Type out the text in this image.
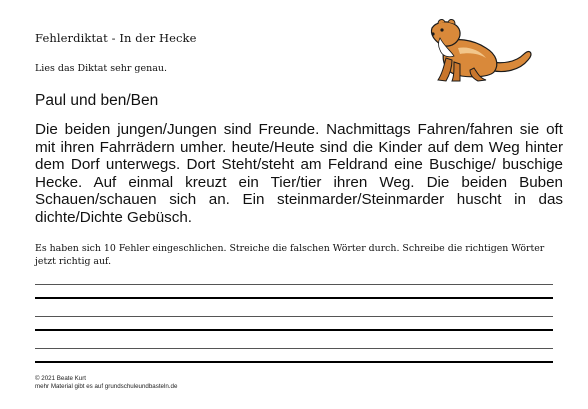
Fehlerdiktat - In der Hecke
Lies das Diktat sehr genau.
Paul und ben/Ben
Die beiden jungen/Jungen sind Freunde. Nachmittags Fahren/fahren sie oft mit ihren Fahrrädern umher. heute/Heute sind die Kinder auf dem Weg hinter dem Dorf unterwegs. Dort Steht/steht am Feldrand eine Buschige/ buschige Hecke. Auf einmal kreuzt ein Tier/tier ihren Weg. Die beiden Buben Schauen/schauen sich an. Ein steinmarder/Steinmarder huscht in das dichte/Dichte Gebüsch.
Es haben sich 10 Fehler eingeschlichen. Streiche die falschen Wörter durch. Schreibe die richtigen Wörter jetzt richtig auf.
© 2021 Beate Kurt
mehr Material gibt es auf grundschuleundbasteln.de
